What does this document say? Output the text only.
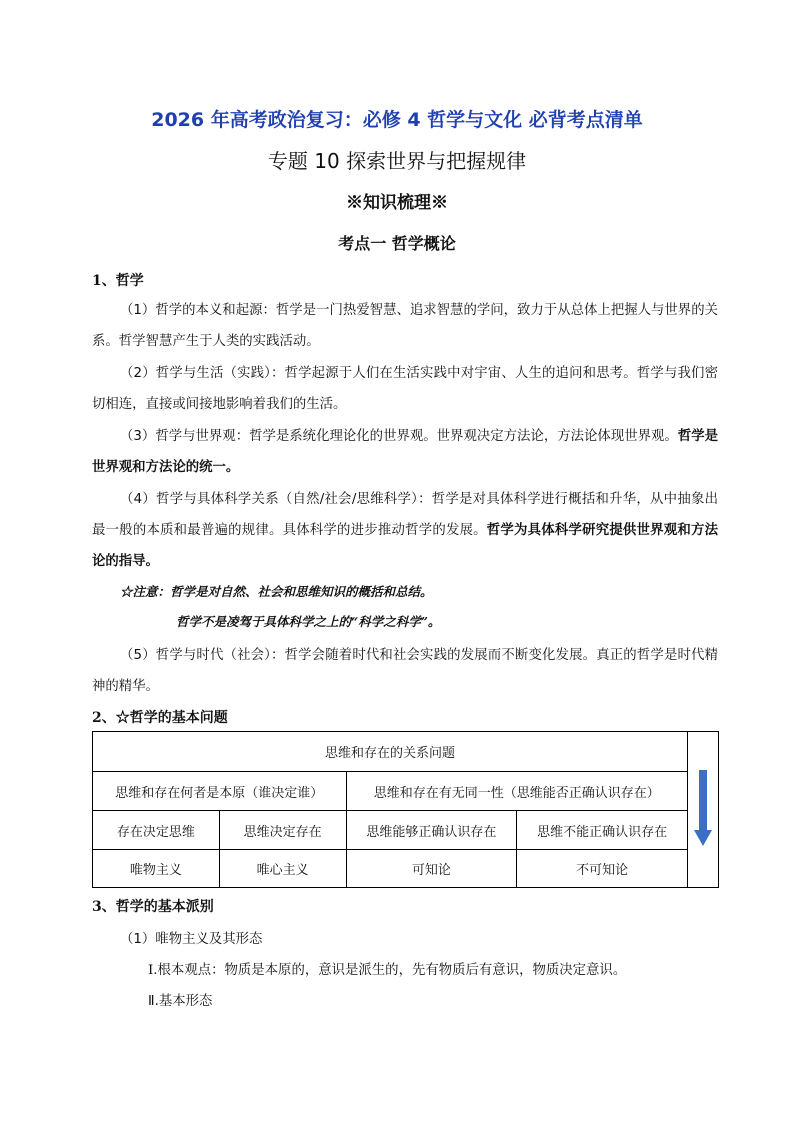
2026 年高考政治复习：必修 4 哲学与文化 必背考点清单
专题 10 探索世界与把握规律
※知识梳理※
考点一 哲学概论
1、哲学
（1）哲学的本义和起源：哲学是一门热爱智慧、追求智慧的学问，致力于从总体上把握人与世界的关系。哲学智慧产生于人类的实践活动。
（2）哲学与生活（实践）：哲学起源于人们在生活实践中对宇宙、人生的追问和思考。哲学与我们密切相连，直接或间接地影响着我们的生活。
（3）哲学与世界观：哲学是系统化理论化的世界观。世界观决定方法论，方法论体现世界观。哲学是世界观和方法论的统一。
（4）哲学与具体科学关系（自然/社会/思维科学）：哲学是对具体科学进行概括和升华，从中抽象出最一般的本质和最普遍的规律。具体科学的进步推动哲学的发展。哲学为具体科学研究提供世界观和方法论的指导。
☆注意：哲学是对自然、社会和思维知识的概括和总结。
哲学不是凌驾于具体科学之上的“科学之科学”。
（5）哲学与时代（社会）：哲学会随着时代和社会实践的发展而不断变化发展。真正的哲学是时代精神的精华。
2、☆哲学的基本问题
思维和存在的关系问题	
思维和存在何者是本原（谁决定谁）		思维和存在有无同一性（思维能否正确认识存在）		
存在决定思维	思维决定存在	思维能够正确认识存在	思维不能正确认识存在	
唯物主义	唯心主义	可知论	不可知论	
3、哲学的基本派别
（1）唯物主义及其形态
Ⅰ.根本观点：物质是本原的，意识是派生的，先有物质后有意识，物质决定意识。
Ⅱ.基本形态
